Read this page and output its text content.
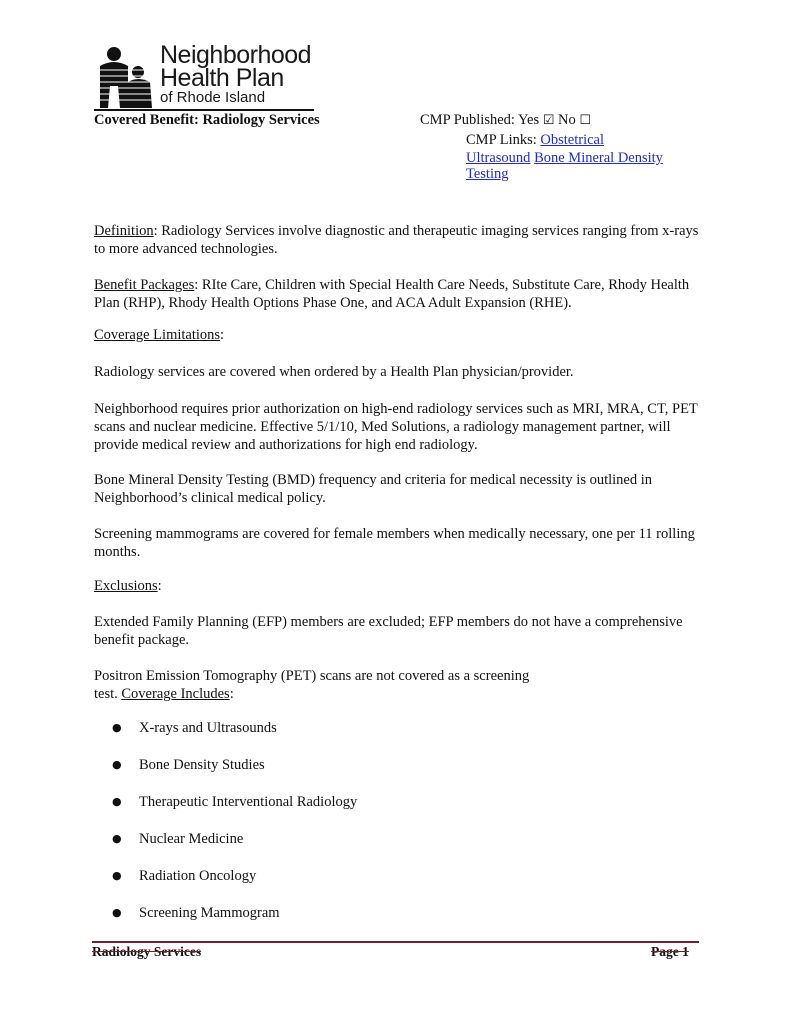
Neighborhood
Health Plan
of Rhode Island
Covered Benefit: Radiology Services	CMP Published: Yes ☑ No ☐
CMP Links: Obstetrical
Ultrasound Bone Mineral Density
Testing
Definition: Radiology Services involve diagnostic and therapeutic imaging services ranging from x-rays to more advanced technologies.
Benefit Packages: RIte Care, Children with Special Health Care Needs, Substitute Care, Rhody Health Plan (RHP), Rhody Health Options Phase One, and ACA Adult Expansion (RHE).
Coverage Limitations:
Radiology services are covered when ordered by a Health Plan physician/provider.
Neighborhood requires prior authorization on high-end radiology services such as MRI, MRA, CT, PET scans and nuclear medicine. Effective 5/1/10, Med Solutions, a radiology management partner, will provide medical review and authorizations for high end radiology.
Bone Mineral Density Testing (BMD) frequency and criteria for medical necessity is outlined in Neighborhood’s clinical medical policy.
Screening mammograms are covered for female members when medically necessary, one per 11 rolling months.
Exclusions:
Extended Family Planning (EFP) members are excluded; EFP members do not have a comprehensive benefit package.
Positron Emission Tomography (PET) scans are not covered as a screening
test. Coverage Includes:
● X-rays and Ultrasounds
● Bone Density Studies
● Therapeutic Interventional Radiology
● Nuclear Medicine
● Radiation Oncology
● Screening Mammogram
Radiology Services	Page 1
